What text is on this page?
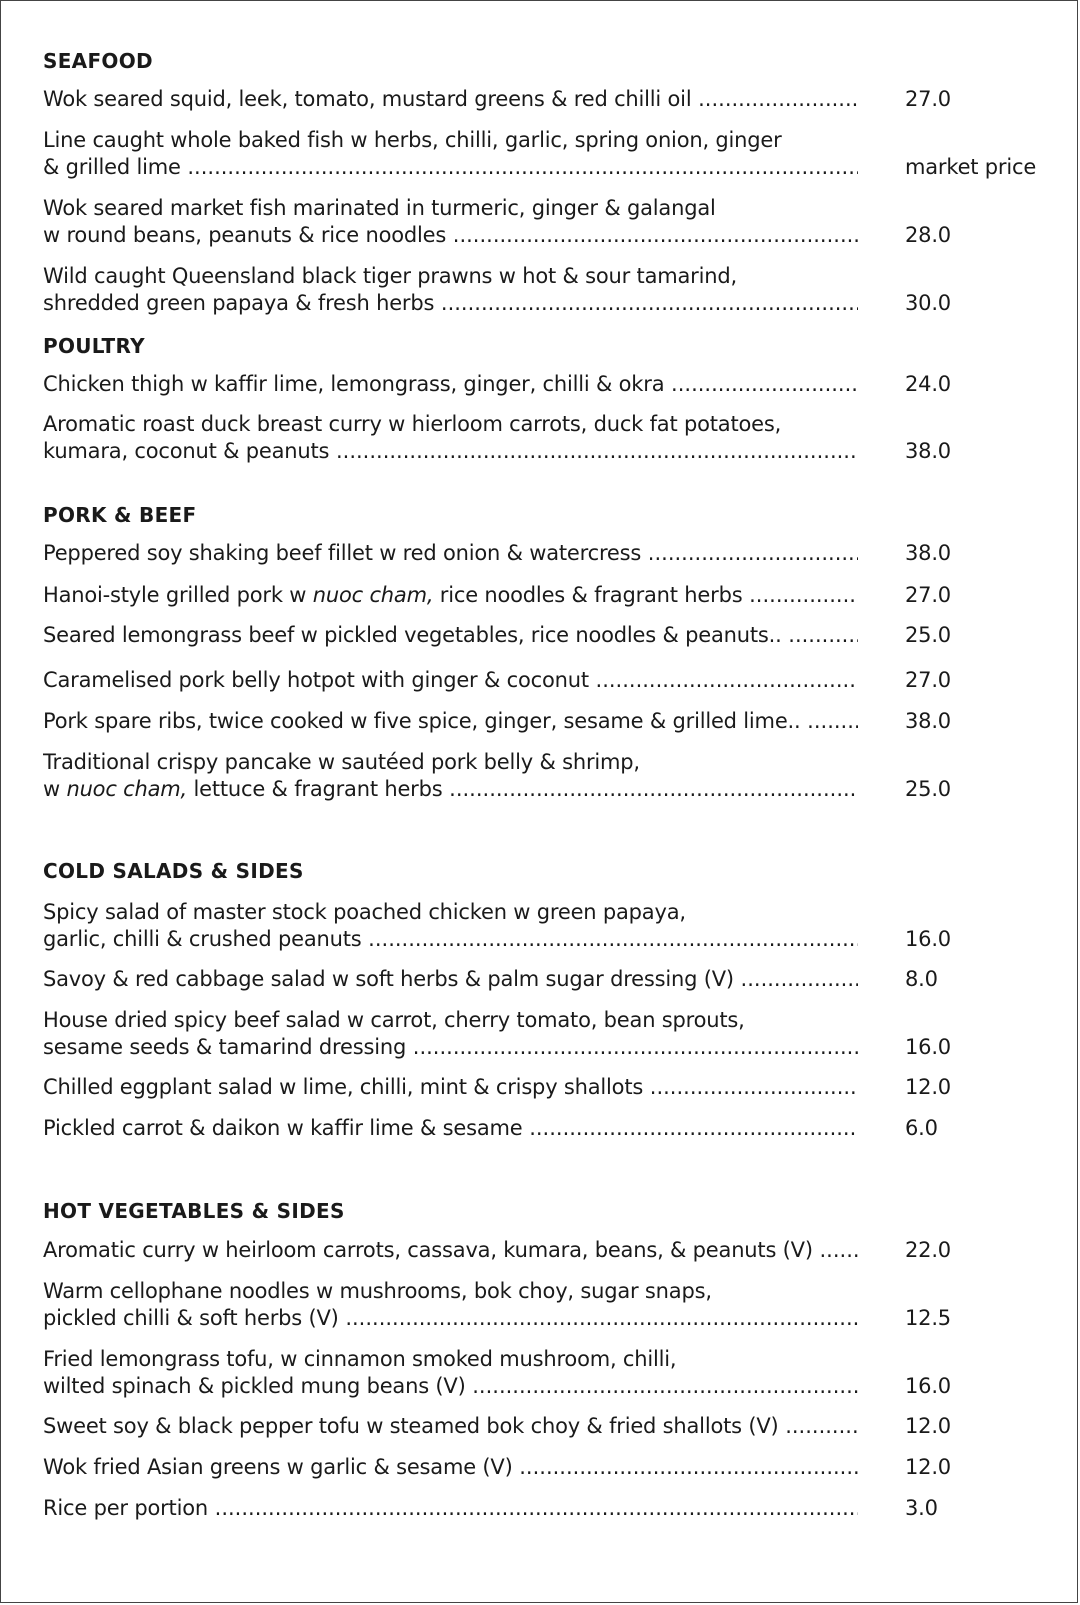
SEAFOOD
Wok seared squid, leek, tomato, mustard greens & red chilli oil .....	27.0
Line caught whole baked fish w herbs, chilli, garlic, spring onion, ginger
& grilled lime .....	market price
Wok seared market fish marinated in turmeric, ginger & galangal
w round beans, peanuts & rice noodles .....	28.0
Wild caught Queensland black tiger prawns w hot & sour tamarind,
shredded green papaya & fresh herbs .....	30.0
POULTRY
Chicken thigh w kaffir lime, lemongrass, ginger, chilli & okra .....	24.0
Aromatic roast duck breast curry w hierloom carrots, duck fat potatoes,
kumara, coconut & peanuts .....	38.0
PORK & BEEF
Peppered soy shaking beef fillet w red onion & watercress .....	38.0
Hanoi-style grilled pork w nuoc cham, rice noodles & fragrant herbs .....	27.0
Seared lemongrass beef w pickled vegetables, rice noodles & peanuts.. .....	25.0
Caramelised pork belly hotpot with ginger & coconut .....	27.0
Pork spare ribs, twice cooked w five spice, ginger, sesame & grilled lime.. .....	38.0
Traditional crispy pancake w sautéed pork belly & shrimp,
w nuoc cham, lettuce & fragrant herbs .....	25.0
COLD SALADS & SIDES
Spicy salad of master stock poached chicken w green papaya,
garlic, chilli & crushed peanuts .....	16.0
Savoy & red cabbage salad w soft herbs & palm sugar dressing (V) .....	8.0
House dried spicy beef salad w carrot, cherry tomato, bean sprouts,
sesame seeds & tamarind dressing .....	16.0
Chilled eggplant salad w lime, chilli, mint & crispy shallots .....	12.0
Pickled carrot & daikon w kaffir lime & sesame .....	6.0
HOT VEGETABLES & SIDES
Aromatic curry w heirloom carrots, cassava, kumara, beans, & peanuts (V) .....	22.0
Warm cellophane noodles w mushrooms, bok choy, sugar snaps,
pickled chilli & soft herbs (V) .....	12.5
Fried lemongrass tofu, w cinnamon smoked mushroom, chilli,
wilted spinach & pickled mung beans (V) .....	16.0
Sweet soy & black pepper tofu w steamed bok choy & fried shallots (V) .....	12.0
Wok fried Asian greens w garlic & sesame (V) .....	12.0
Rice per portion .....	3.0
